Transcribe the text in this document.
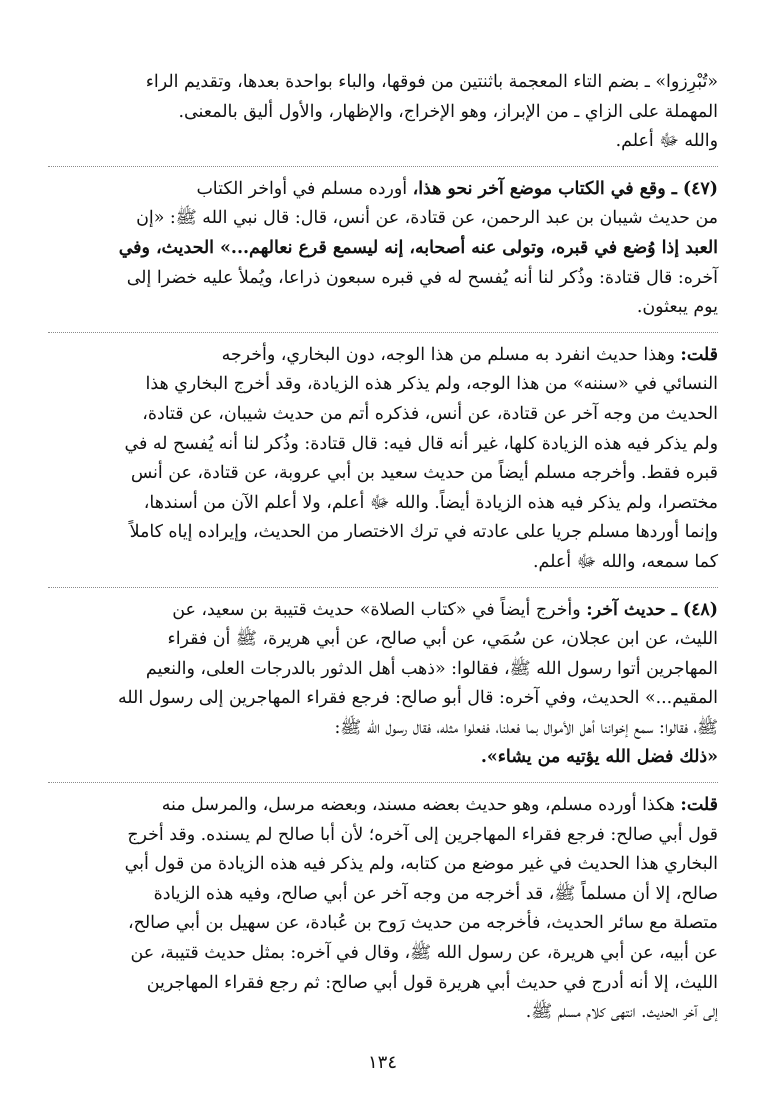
«تُبْرِزوا» ـ بضم التاء المعجمة باثنتين من فوقها، والباء بواحدة بعدها، وتقديم الراء
المهملة على الزاي ـ من الإبراز، وهو الإخراج، والإظهار، والأول أليق بالمعنى.
والله ﷻ أعلم.

(٤٧) ـ وقع في الكتاب موضع آخر نحو هذا، أورده مسلم في أواخر الكتاب
من حديث شيبان بن عبد الرحمن، عن قتادة، عن أنس، قال: قال نبي الله ﷺ: «إن
العبد إذا وُضع في قبره، وتولى عنه أصحابه، إنه ليسمع قرع نعالهم...» الحديث، وفي
آخره: قال قتادة: وذُكر لنا أنه يُفسح له في قبره سبعون ذراعا، ويُملأ عليه خضرا إلى
يوم يبعثون.

قلت: وهذا حديث انفرد به مسلم من هذا الوجه، دون البخاري، وأخرجه
النسائي في «سننه» من هذا الوجه، ولم يذكر هذه الزيادة، وقد أخرج البخاري هذا
الحديث من وجه آخر عن قتادة، عن أنس، فذكره أتم من حديث شيبان، عن قتادة،
ولم يذكر فيه هذه الزيادة كلها، غير أنه قال فيه: قال قتادة: وذُكر لنا أنه يُفسح له في
قبره فقط. وأخرجه مسلم أيضاً من حديث سعيد بن أبي عروبة، عن قتادة، عن أنس
مختصرا، ولم يذكر فيه هذه الزيادة أيضاً. والله ﷻ أعلم، ولا أعلم الآن من أسندها،
وإنما أوردها مسلم جريا على عادته في ترك الاختصار من الحديث، وإيراده إياه كاملاً
كما سمعه، والله ﷻ أعلم.

(٤٨) ـ حديث آخر: وأخرج أيضاً في «كتاب الصلاة» حديث قتيبة بن سعيد، عن
الليث، عن ابن عجلان، عن سُمَي، عن أبي صالح، عن أبي هريرة، ﷺ أن فقراء
المهاجرين أتوا رسول الله ﷺ، فقالوا: «ذهب أهل الدثور بالدرجات العلى، والنعيم
المقيم...» الحديث، وفي آخره: قال أبو صالح: فرجع فقراء المهاجرين إلى رسول الله
ﷺ، فقالوا: سمع إخواننا أهل الأموال بما فعلنا، ففعلوا مثله، فقال رسول الله ﷺ:
«ذلك فضل الله يؤتيه من يشاء».

قلت: هكذا أورده مسلم، وهو حديث بعضه مسند، وبعضه مرسل، والمرسل منه
قول أبي صالح: فرجع فقراء المهاجرين إلى آخره؛ لأن أبا صالح لم يسنده. وقد أخرج
البخاري هذا الحديث في غير موضع من كتابه، ولم يذكر فيه هذه الزيادة من قول أبي
صالح، إلا أن مسلماً ﷺ، قد أخرجه من وجه آخر عن أبي صالح، وفيه هذه الزيادة
متصلة مع سائر الحديث، فأخرجه من حديث رَوح بن عُبادة، عن سهيل بن أبي صالح،
عن أبيه، عن أبي هريرة، عن رسول الله ﷺ، وقال في آخره: بمثل حديث قتيبة، عن
الليث، إلا أنه أدرج في حديث أبي هريرة قول أبي صالح: ثم رجع فقراء المهاجرين
إلى آخر الحديث. انتهى كلام مسلم ﷺ.

١٣٤
